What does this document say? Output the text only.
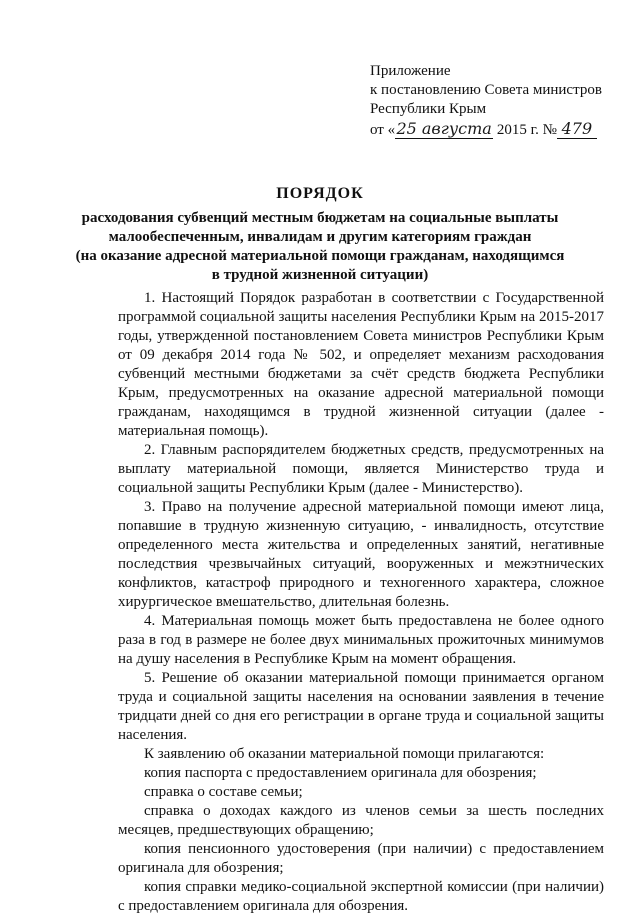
Приложение
к постановлению Совета министров
Республики Крым
от «25 августа 2015 г. № 479
ПОРЯДОК
расходования субвенций местным бюджетам на социальные выплаты
малообеспеченным, инвалидам и другим категориям граждан
(на оказание адресной материальной помощи гражданам, находящимся
в трудной жизненной ситуации)

1. Настоящий Порядок разработан в соответствии с Государственной программой социальной защиты населения Республики Крым на 2015-2017 годы, утвержденной постановлением Совета министров Республики Крым от 09 декабря 2014 года № 502, и определяет механизм расходования субвенций местными бюджетами за счёт средств бюджета Республики Крым, предусмотренных на оказание адресной материальной помощи гражданам, находящимся в трудной жизненной ситуации (далее - материальная помощь).

2. Главным распорядителем бюджетных средств, предусмотренных на выплату материальной помощи, является Министерство труда и социальной защиты Республики Крым (далее - Министерство).

3. Право на получение адресной материальной помощи имеют лица, попавшие в трудную жизненную ситуацию, - инвалидность, отсутствие определенного места жительства и определенных занятий, негативные последствия чрезвычайных ситуаций, вооруженных и межэтнических конфликтов, катастроф природного и техногенного характера, сложное хирургическое вмешательство, длительная болезнь.

4. Материальная помощь может быть предоставлена не более одного раза в год в размере не более двух минимальных прожиточных минимумов на душу населения в Республике Крым на момент обращения.

5. Решение об оказании материальной помощи принимается органом труда и социальной защиты населения на основании заявления в течение тридцати дней со дня его регистрации в органе труда и социальной защиты населения.

К заявлению об оказании материальной помощи прилагаются:

копия паспорта с предоставлением оригинала для обозрения;

справка о составе семьи;

справка о доходах каждого из членов семьи за шесть последних месяцев, предшествующих обращению;

копия пенсионного удостоверения (при наличии) с предоставлением оригинала для обозрения;

копия справки медико-социальной экспертной комиссии (при наличии) с предоставлением оригинала для обозрения.
